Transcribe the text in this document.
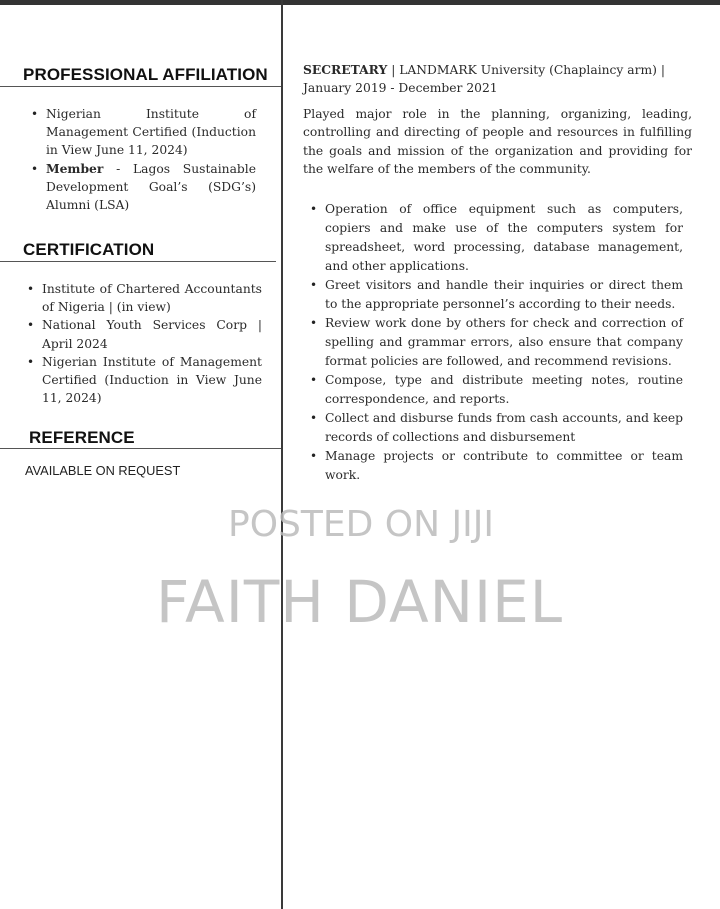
PROFESSIONAL AFFILIATION
• Nigerian Institute of Management Certified (Induction in View June 11, 2024)
• Member - Lagos Sustainable Development Goal’s (SDG’s) Alumni (LSA)
CERTIFICATION
• Institute of Chartered Accountants of Nigeria | (in view)
• National Youth Services Corp | April 2024
• Nigerian Institute of Management Certified (Induction in View June 11, 2024)
REFERENCE

AVAILABLE ON REQUEST

SECRETARY | LANDMARK University (Chaplaincy arm) | January 2019 - December 2021

Played major role in the planning, organizing, leading, controlling and directing of people and resources in fulfilling the goals and mission of the organization and providing for the welfare of the members of the community.

• Operation of office equipment such as computers, copiers and make use of the computers system for spreadsheet, word processing, database management, and other applications.
• Greet visitors and handle their inquiries or direct them to the appropriate personnel’s according to their needs.
• Review work done by others for check and correction of spelling and grammar errors, also ensure that company format policies are followed, and recommend revisions.
• Compose, type and distribute meeting notes, routine correspondence, and reports.
• Collect and disburse funds from cash accounts, and keep records of collections and disbursement
• Manage projects or contribute to committee or team work.
POSTED ON JIJI
FAITH DANIEL
